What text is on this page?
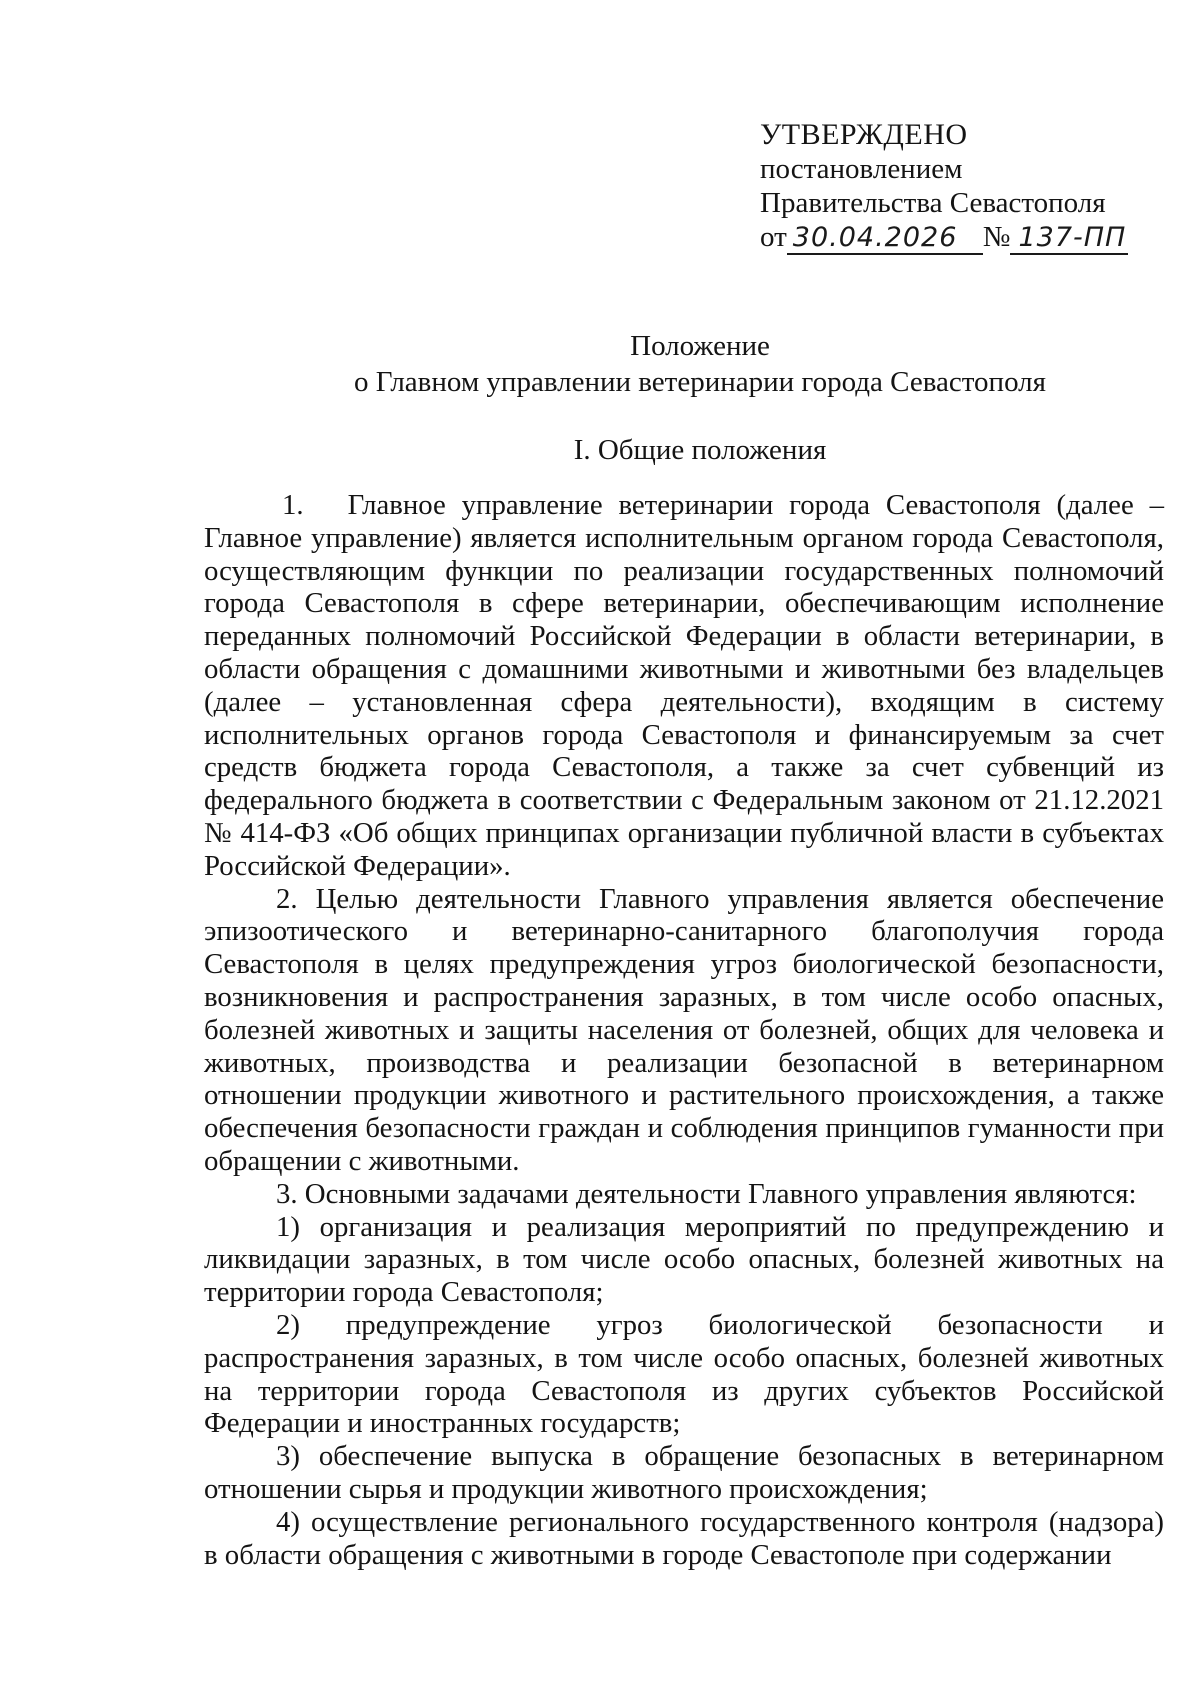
УТВЕРЖДЕНО
постановлением
Правительства Севастополя
от 30.04.2026 № 137-ПП
Положение
о Главном управлении ветеринарии города Севастополя
I. Общие положения

1. Главное управление ветеринарии города Севастополя (далее – Главное управление) является исполнительным органом города Севастополя, осуществляющим функции по реализации государственных полномочий города Севастополя в сфере ветеринарии, обеспечивающим исполнение переданных полномочий Российской Федерации в области ветеринарии, в области обращения с домашними животными и животными без владельцев (далее – установленная сфера деятельности), входящим в систему исполнительных органов города Севастополя и финансируемым за счет средств бюджета города Севастополя, а также за счет субвенций из федерального бюджета в соответствии с Федеральным законом от 21.12.2021 № 414-ФЗ «Об общих принципах организации публичной власти в субъектах Российской Федерации».

2. Целью деятельности Главного управления является обеспечение эпизоотического и ветеринарно-санитарного благополучия города Севастополя в целях предупреждения угроз биологической безопасности, возникновения и распространения заразных, в том числе особо опасных, болезней животных и защиты населения от болезней, общих для человека и животных, производства и реализации безопасной в ветеринарном отношении продукции животного и растительного происхождения, а также обеспечения безопасности граждан и соблюдения принципов гуманности при обращении с животными.

3. Основными задачами деятельности Главного управления являются:

1) организация и реализация мероприятий по предупреждению и ликвидации заразных, в том числе особо опасных, болезней животных на территории города Севастополя;

2) предупреждение угроз биологической безопасности и распространения заразных, в том числе особо опасных, болезней животных на территории города Севастополя из других субъектов Российской Федерации и иностранных государств;

3) обеспечение выпуска в обращение безопасных в ветеринарном отношении сырья и продукции животного происхождения;

4) осуществление регионального государственного контроля (надзора) в области обращения с животными в городе Севастополе при содержании
